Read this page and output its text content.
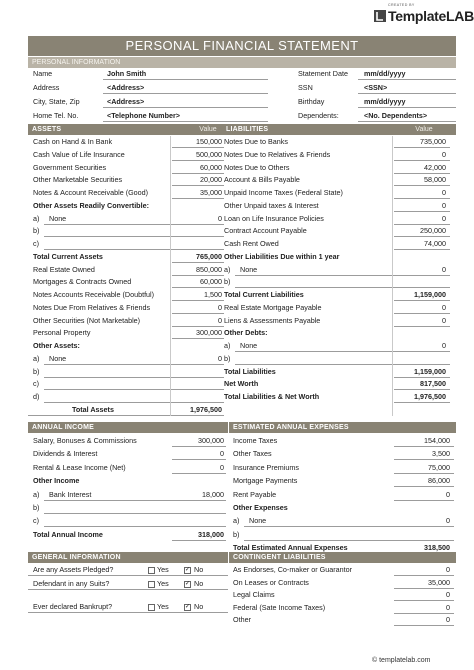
CREATED BY
TemplateLAB
PERSONAL FINANCIAL STATEMENT
PERSONAL INFORMATION
Name	John Smith	Statement Date mm/dd/yyyy
Address	<Address>	SSN	<SSN>
City, State, Zip	<Address>	Birthday	mm/dd/yyyy
Home Tel. No.	<Telephone Number>	Dependents:	<No. Dependents>
ASSETS	Value	LIABILITIES	Value
Cash on Hand & In Bank	150,000
Cash Value of Life Insurance	500,000
Government Securities	60,000
Other Marketable Securities	20,000
Notes & Account Receivable (Good)	35,000
Other Assets Readily Convertible:
a) None	0
b)
c)
Total Current Assets	765,000
Real Estate Owned	850,000
Mortgages & Contracts Owned	60,000
Notes Accounts Receivable (Doubtful)	1,500
Notes Due From Relatives & Friends	0
Other Securities (Not Marketable)	0
Personal Property	300,000
Other Assets:
a) None	0
b)
c)
d)
Total Assets	1,976,500
Notes Due to Banks	735,000
Notes Due to Relatives & Friends	0
Notes Due to Others	42,000
Account & Bills Payable	58,000
Unpaid Income Taxes (Federal State)	0
Other Unpaid taxes & Interest	0
Loan on Life Insurance Policies	0
Contract Account Payable	250,000
Cash Rent Owed	74,000
Other Liabilities Due within 1 year
a) None	0
b)
Total Current Liabilities	1,159,000
Real Estate Mortgage Payable	0
Liens & Assessments Payable	0
Other Debts:
a) None	0
b)
Total Liabilities	1,159,000
Net Worth	817,500
Total Liabilities & Net Worth	1,976,500
ANNUAL INCOME	ESTIMATED ANNUAL EXPENSES
Salary, Bonuses & Commissions	300,000
Dividends & Interest	0
Rental & Lease Income (Net)	0
Other Income
a) Bank Interest	18,000
b)
c)
Total Annual Income	318,000
Income Taxes	154,000
Other Taxes	3,500
Insurance Premiums	75,000
Mortgage Payments	86,000
Rent Payable	0
Other Expenses
a) None	0
b)
Total Estimated Annual Expenses	318,500
GENERAL INFORMATION	CONTINGENT LIABILITIES
Are any Assets Pledged?	Yes	✓ No
Defendant in any Suits?	Yes	✓ No
Ever declared Bankrupt?	Yes	✓ No
As Endorses, Co-maker or Guarantor	0
On Leases or Contracts	35,000
Legal Claims	0
Federal (Sate Income Taxes)	0
Other	0
© templatelab.com
